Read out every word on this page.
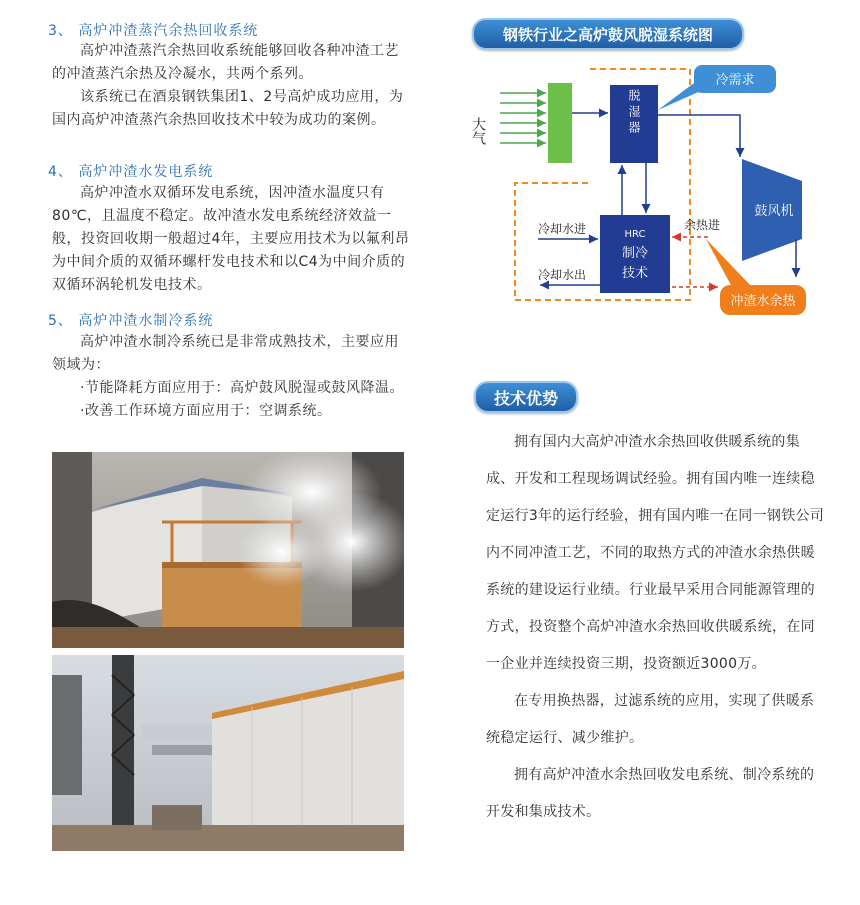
3、 高炉冲渣蒸汽余热回收系统

高炉冲渣蒸汽余热回收系统能够回收各种冲渣工艺的冲渣蒸汽余热及冷凝水，共两个系列。

该系统已在酒泉钢铁集团1、2号高炉成功应用，为国内高炉冲渣蒸汽余热回收技术中较为成功的案例。

4、 高炉冲渣水发电系统

高炉冲渣水双循环发电系统，因冲渣水温度只有80℃，且温度不稳定。故冲渣水发电系统经济效益一般，投资回收期一般超过4年，主要应用技术为以氟利昂为中间介质的双循环螺杆发电技术和以C4为中间介质的双循环涡轮机发电技术。

5、 高炉冲渣水制冷系统

高炉冲渣水制冷系统已是非常成熟技术，主要应用领域为：

·节能降耗方面应用于：高炉鼓风脱湿或鼓风降温。

·改善工作环境方面应用于：空调系统。

钢铁行业之高炉鼓风脱湿系统图
大气	脱湿器
冷需求
鼓风机
HRC
制冷
技术
冷却水进
冷却水出
余热进
冲渣水余热
技术优势

拥有国内大高炉冲渣水余热回收供暖系统的集成、开发和工程现场调试经验。拥有国内唯一连续稳定运行3年的运行经验，拥有国内唯一在同一钢铁公司内不同冲渣工艺，不同的取热方式的冲渣水余热供暖系统的建设运行业绩。行业最早采用合同能源管理的方式，投资整个高炉冲渣水余热回收供暖系统，在同一企业并连续投资三期，投资额近3000万。

在专用换热器，过滤系统的应用，实现了供暖系统稳定运行、减少维护。

拥有高炉冲渣水余热回收发电系统、制冷系统的开发和集成技术。
